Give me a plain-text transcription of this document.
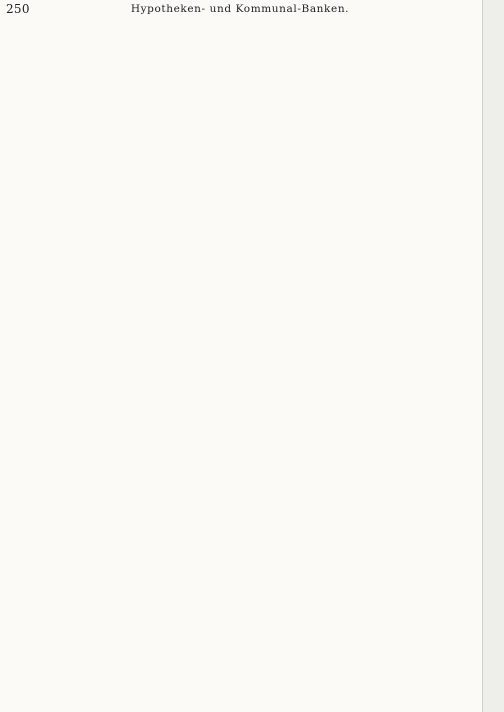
250	Hypotheken- und Kommunal-Banken.
